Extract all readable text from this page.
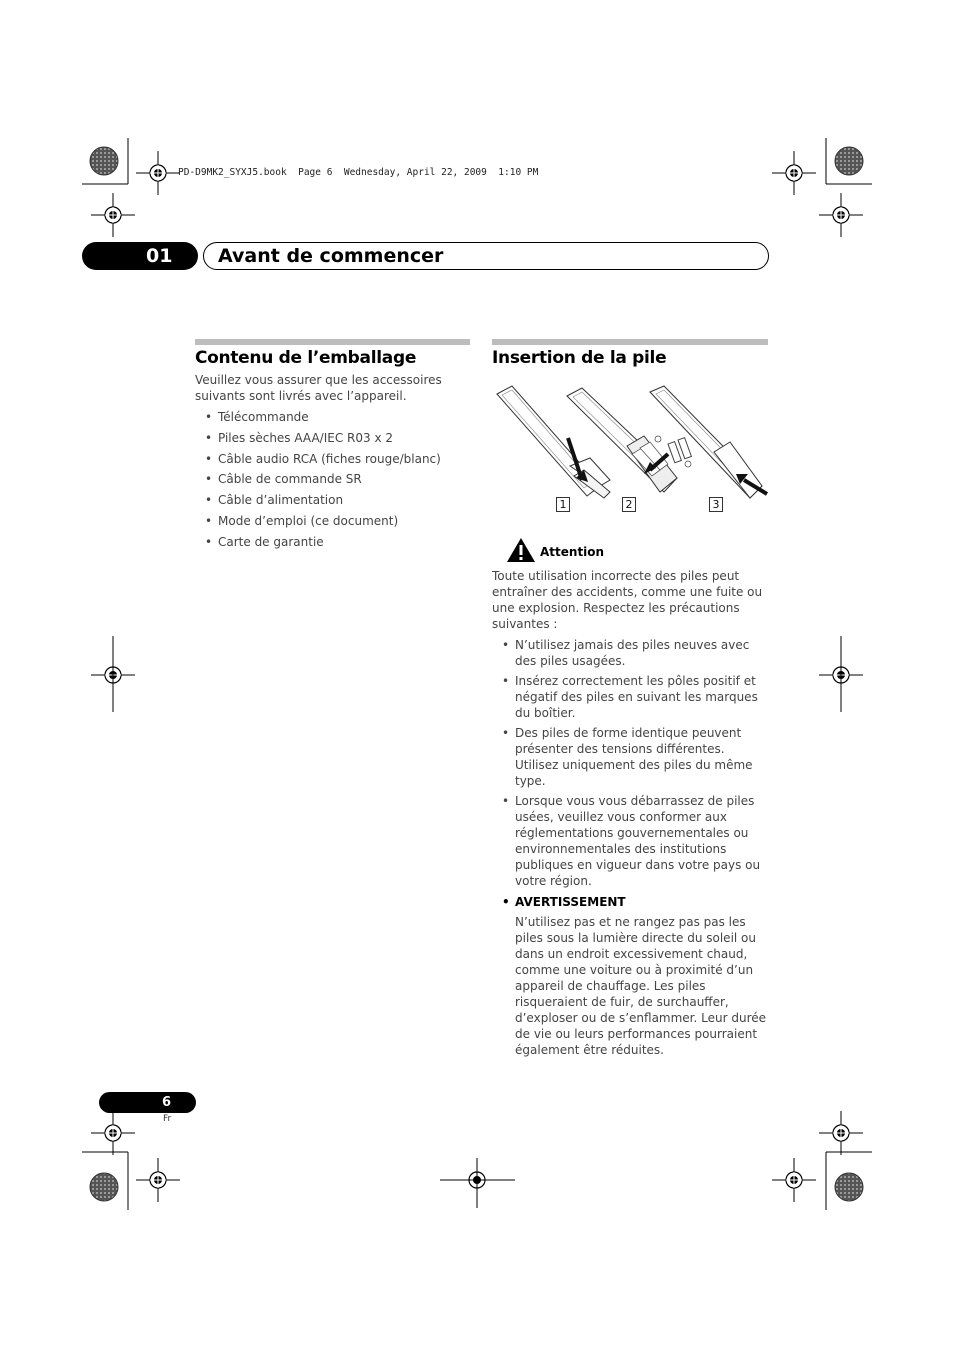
PD-D9MK2_SYXJ5.book  Page 6  Wednesday, April 22, 2009  1:10 PM
01	Avant de commencer
Contenu de l’emballage
Veuillez vous assurer que les accessoires suivants sont livrés avec l’appareil.
• Télécommande
• Piles sèches AAA/IEC R03 x 2
• Câble audio RCA (fiches rouge/blanc)
• Câble de commande SR
• Câble d’alimentation
• Mode d’emploi (ce document)
• Carte de garantie
Insertion de la pile
1	2	3
Attention
Toute utilisation incorrecte des piles peut entraîner des accidents, comme une fuite ou une explosion. Respectez les précautions suivantes :
• N’utilisez jamais des piles neuves avec des piles usagées.
• Insérez correctement les pôles positif et négatif des piles en suivant les marques du boîtier.
• Des piles de forme identique peuvent présenter des tensions différentes. Utilisez uniquement des piles du même type.
• Lorsque vous vous débarrassez de piles usées, veuillez vous conformer aux réglementations gouvernementales ou environnementales des institutions publiques en vigueur dans votre pays ou votre région.
• AVERTISSEMENT
N’utilisez pas et ne rangez pas pas les piles sous la lumière directe du soleil ou dans un endroit excessivement chaud, comme une voiture ou à proximité d’un appareil de chauffage. Les piles risqueraient de fuir, de surchauffer, d’exploser ou de s’enflammer. Leur durée de vie ou leurs performances pourraient également être réduites.
6
Fr
